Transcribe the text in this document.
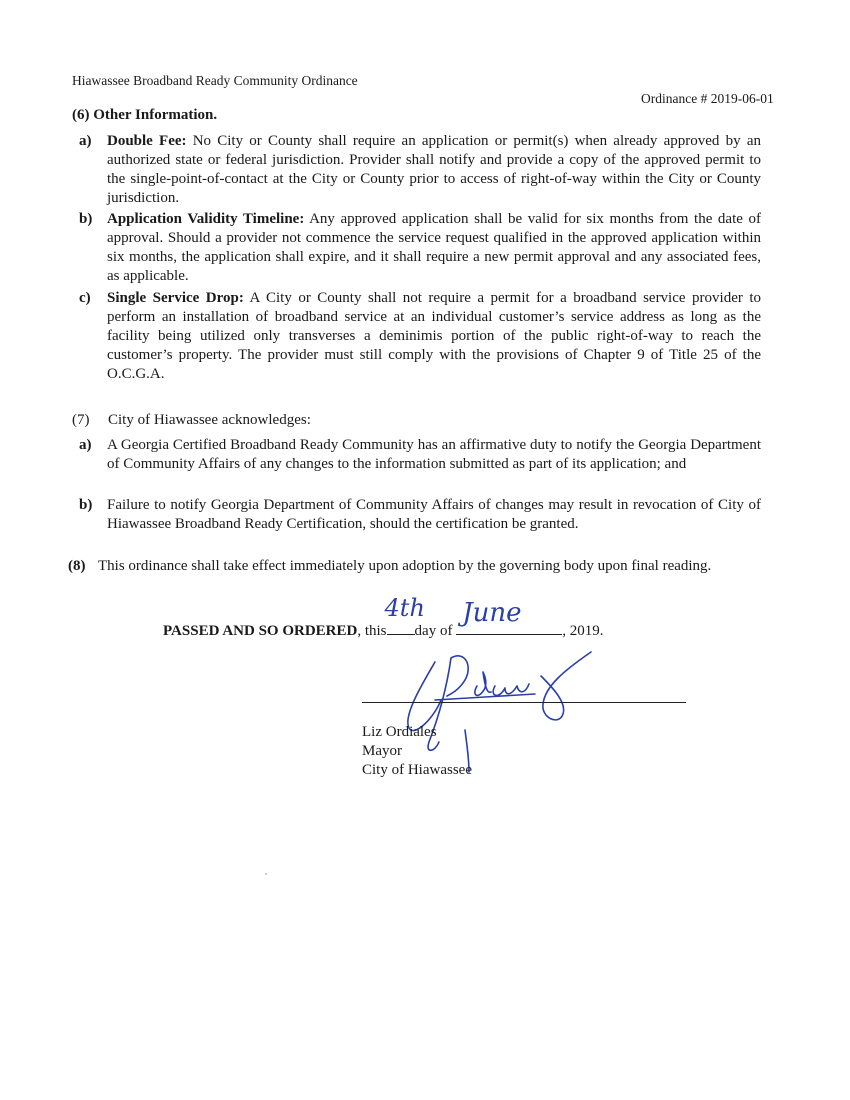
Hiawassee Broadband Ready Community Ordinance
Ordinance # 2019-06-01
(6) Other Information.
a) Double Fee: No City or County shall require an application or permit(s) when already approved by an authorized state or federal jurisdiction. Provider shall notify and provide a copy of the approved permit to the single-point-of-contact at the City or County prior to access of right-of-way within the City or County jurisdiction.
b) Application Validity Timeline: Any approved application shall be valid for six months from the date of approval. Should a provider not commence the service request qualified in the approved application within six months, the application shall expire, and it shall require a new permit approval and any associated fees, as applicable.
c) Single Service Drop: A City or County shall not require a permit for a broadband service provider to perform an installation of broadband service at an individual customer’s service address as long as the facility being utilized only transverses a deminimis portion of the public right-of-way to reach the customer’s property. The provider must still comply with the provisions of Chapter 9 of Title 25 of the O.C.G.A.
(7) City of Hiawassee acknowledges:
a) A Georgia Certified Broadband Ready Community has an affirmative duty to notify the Georgia Department of Community Affairs of any changes to the information submitted as part of its application; and
b) Failure to notify Georgia Department of Community Affairs of changes may result in revocation of City of Hiawassee Broadband Ready Certification, should the certification be granted.
(8) This ordinance shall take effect immediately upon adoption by the governing body upon final reading.
PASSED AND SO ORDERED, this
4th
day of
June
, 2019.
Liz Ordiales
Mayor
City of Hiawassee
